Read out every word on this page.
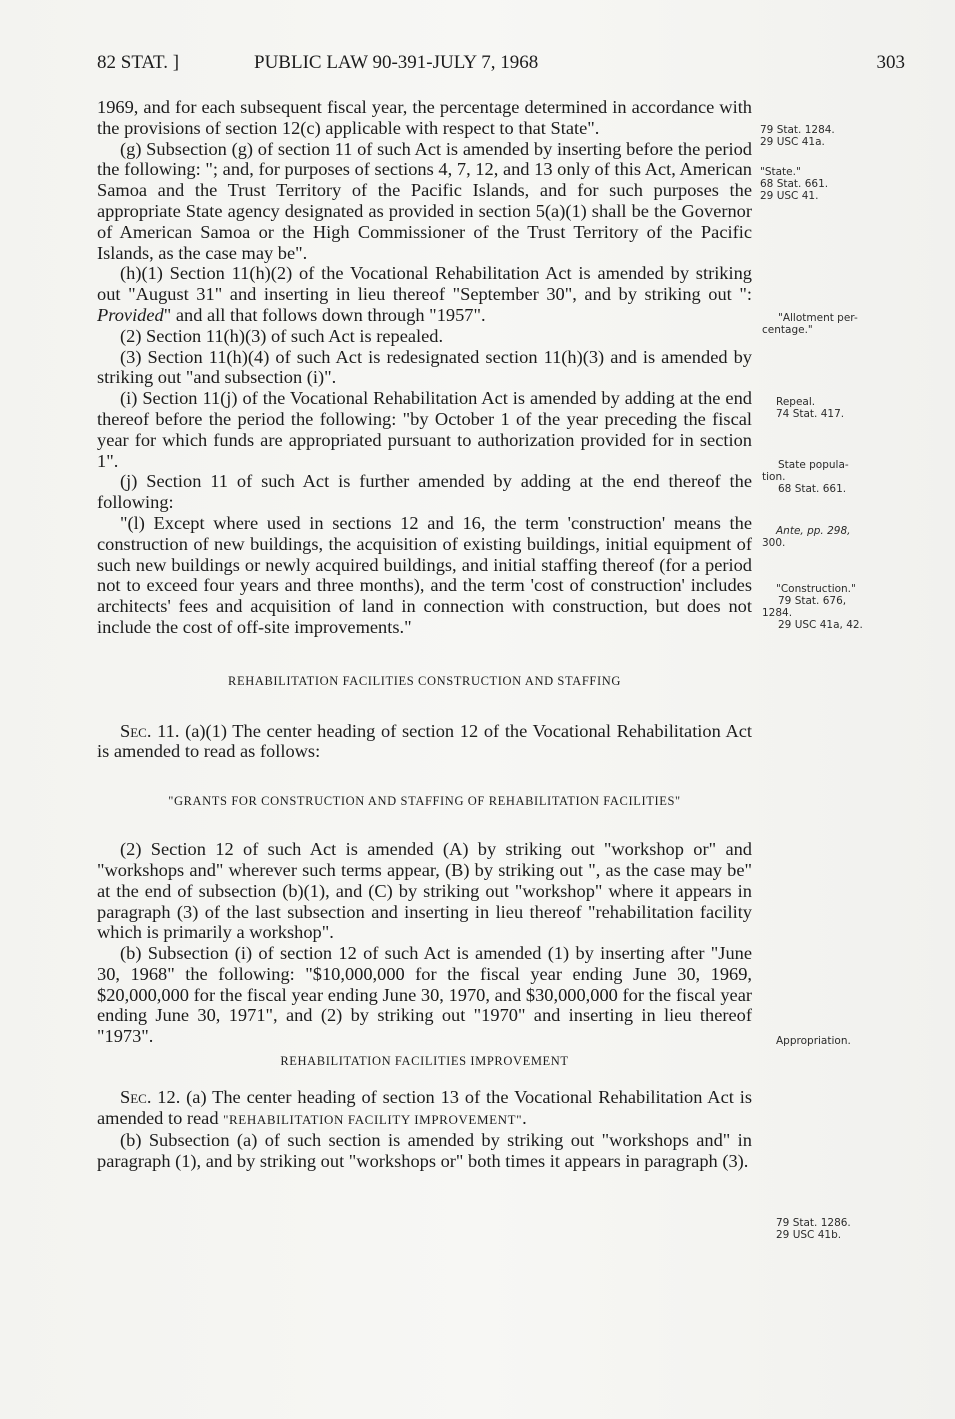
82 STAT. ]	PUBLIC LAW 90-391-JULY 7, 1968	303

1969, and for each subsequent fiscal year, the percentage determined in accordance with the provisions of section 12(c) applicable with respect to that State".

(g) Subsection (g) of section 11 of such Act is amended by inserting before the period the following: "; and, for purposes of sections 4, 7, 12, and 13 only of this Act, American Samoa and the Trust Territory of the Pacific Islands, and for such purposes the appropriate State agency designated as provided in section 5(a)(1) shall be the Governor of American Samoa or the High Commissioner of the Trust Territory of the Pacific Islands, as the case may be".

(h)(1) Section 11(h)(2) of the Vocational Rehabilitation Act is amended by striking out "August 31" and inserting in lieu thereof "September 30", and by striking out ": Provided" and all that follows down through "1957".

(2) Section 11(h)(3) of such Act is repealed.

(3) Section 11(h)(4) of such Act is redesignated section 11(h)(3) and is amended by striking out "and subsection (i)".

(i) Section 11(j) of the Vocational Rehabilitation Act is amended by adding at the end thereof before the period the following: "by October 1 of the year preceding the fiscal year for which funds are appropriated pursuant to authorization provided for in section 1".

(j) Section 11 of such Act is further amended by adding at the end thereof the following:

"(l) Except where used in sections 12 and 16, the term 'construction' means the construction of new buildings, the acquisition of existing buildings, initial equipment of such new buildings or newly acquired buildings, and initial staffing thereof (for a period not to exceed four years and three months), and the term 'cost of construction' includes architects' fees and acquisition of land in connection with construction, but does not include the cost of off-site improvements."

REHABILITATION FACILITIES CONSTRUCTION AND STAFFING

Sec. 11. (a)(1) The center heading of section 12 of the Vocational Rehabilitation Act is amended to read as follows:

"GRANTS FOR CONSTRUCTION AND STAFFING OF REHABILITATION FACILITIES"

(2) Section 12 of such Act is amended (A) by striking out "workshop or" and "workshops and" wherever such terms appear, (B) by striking out ", as the case may be" at the end of subsection (b)(1), and (C) by striking out "workshop" where it appears in paragraph (3) of the last subsection and inserting in lieu thereof "rehabilitation facility which is primarily a workshop".

(b) Subsection (i) of section 12 of such Act is amended (1) by inserting after "June 30, 1968" the following: "$10,000,000 for the fiscal year ending June 30, 1969, $20,000,000 for the fiscal year ending June 30, 1970, and $30,000,000 for the fiscal year ending June 30, 1971", and (2) by striking out "1970" and inserting in lieu thereof "1973".

REHABILITATION FACILITIES IMPROVEMENT

Sec. 12. (a) The center heading of section 13 of the Vocational Rehabilitation Act is amended to read "REHABILITATION FACILITY IMPROVEMENT".

(b) Subsection (a) of such section is amended by striking out "workshops and" in paragraph (1), and by striking out "workshops or" both times it appears in paragraph (3).

79 Stat. 1284.
29 USC 41a.
"State."
68 Stat. 661.
29 USC 41.
"Allotment per-
centage."
Repeal.
74 Stat. 417.
State popula-
tion.
68 Stat. 661.
Ante, pp. 298,
300.
"Construction."
79 Stat. 676,
1284.
29 USC 41a, 42.
Appropriation.
79 Stat. 1286.
29 USC 41b.
